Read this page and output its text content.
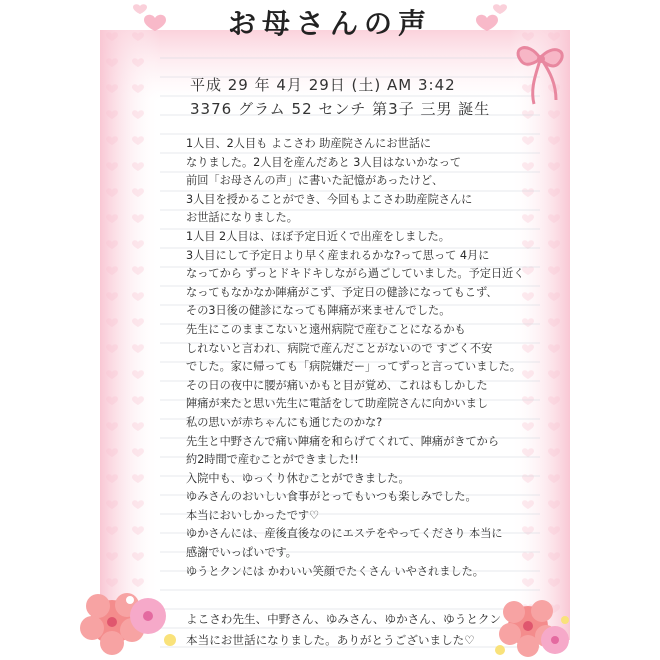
お母さんの声
平成 29 年 4月 29日 (土) AM 3:42
3376 グラム 52 センチ 第3子 三男 誕生
1人目、2人目も よこさわ 助産院さんにお世話に
なりました。2人目を産んだあと 3人目はないかなって
前回「お母さんの声」に書いた記憶があったけど、
3人目を授かることができ、今回もよこさわ助産院さんに
お世話になりました。
1人目 2人目は、ほぼ予定日近くで出産をしました。
3人目にして予定日より早く産まれるかな?って思って 4月に
なってから ずっとドキドキしながら過ごしていました。予定日近く
なってもなかなか陣痛がこず、予定日の健診になってもこず、
その3日後の健診になっても陣痛が来ませんでした。
先生にこのままこないと遠州病院で産むことになるかも
しれないと言われ、病院で産んだことがないので すごく不安
でした。家に帰っても「病院嫌だー」ってずっと言っていました。
その日の夜中に腰が痛いかもと目が覚め、これはもしかした
陣痛が来たと思い先生に電話をして助産院さんに向かいまし
私の思いが赤ちゃんにも通じたのかな?
先生と中野さんで痛い陣痛を和らげてくれて、陣痛がきてから
約2時間で産むことができました!!
入院中も、ゆっくり休むことができました。
ゆみさんのおいしい食事がとってもいつも楽しみでした。
本当においしかったです♡
ゆかさんには、産後直後なのにエステをやってくださり 本当に
感謝でいっぱいです。
ゆうとクンには かわいい笑顔でたくさん いやされました。
よこさわ先生、中野さん、ゆみさん、ゆかさん、ゆうとクン
本当にお世話になりました。ありがとうございました♡
